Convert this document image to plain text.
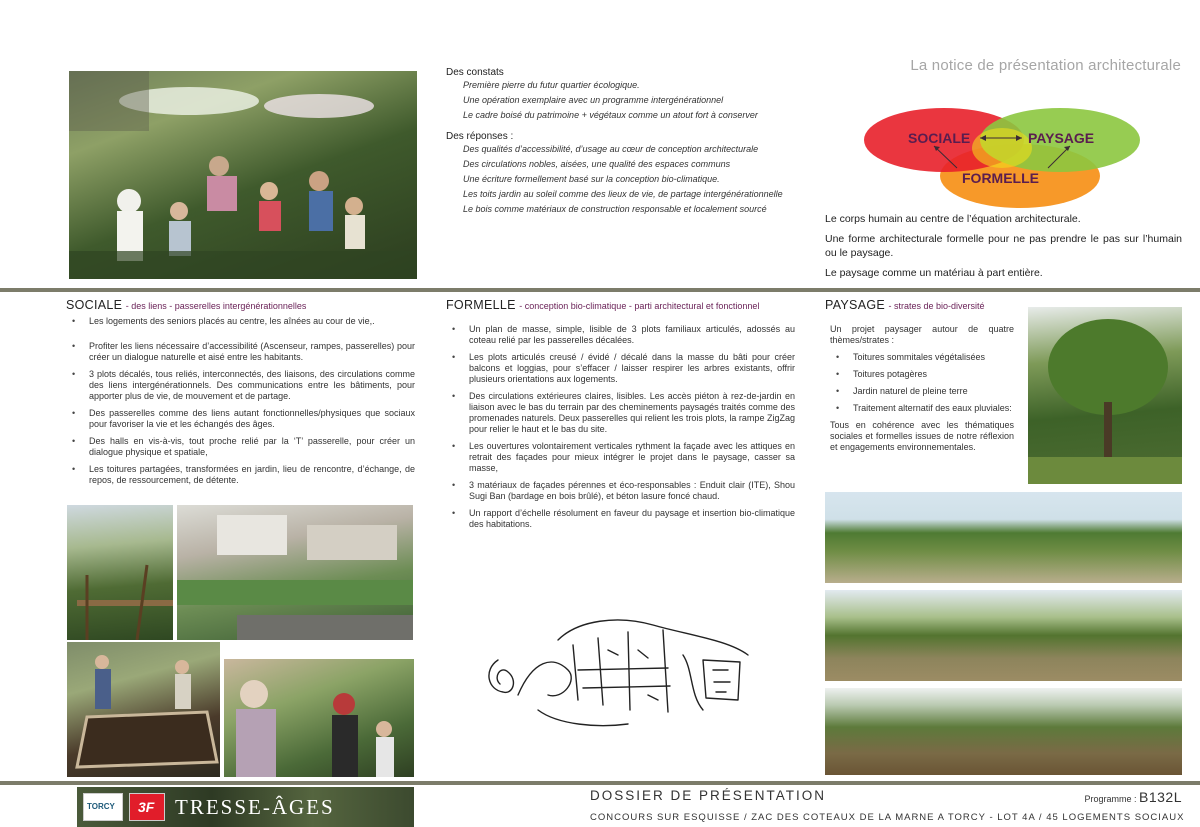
Des constats
Première pierre du futur quartier écologique.
Une opération exemplaire avec un programme intergénérationnel
Le cadre boisé du patrimoine + végétaux comme un atout fort à conserver
Des réponses :
Des qualités d’accessibilité, d’usage au cœur de conception architecturale
Des circulations nobles, aisées, une qualité des espaces communs
Une écriture formellement basé sur la conception bio-climatique.
Les toits jardin au soleil comme des lieux de vie, de partage intergénérationnelle
Le bois comme matériaux de construction responsable et localement sourcé
La notice de présentation architecturale
SOCIALE	PAYSAGE
FORMELLE
Le corps humain au centre de l’équation architecturale.
Une forme architecturale formelle pour ne pas prendre le pas sur l’humain ou le paysage.
Le paysage comme un matériau à part entière.
SOCIALE - des liens - passerelles intergénérationnelles
• Les logements des seniors placés au centre, les aînées au cour de vie,.
• Profiter les liens nécessaire d’accessibilité (Ascenseur, rampes, passerelles) pour créer un dialogue naturelle et aisé entre les habitants.
• 3 plots décalés, tous reliés, interconnectés, des liaisons, des circulations comme des liens intergénérationnels. Des communications entre les bâtiments, pour apporter plus de vie, de mouvement et de partage.
• Des passerelles comme des liens autant fonctionnelles/physiques que sociaux pour favoriser la vie et les échangés des âges.
• Des halls en vis-à-vis, tout proche relié par la ‘T’ passerelle, pour créer un dialogue physique et spatiale,
• Les toitures partagées, transformées en jardin, lieu de rencontre, d’échange, de repos, de ressourcement, de détente.
FORMELLE - conception bio-climatique - parti architectural et fonctionnel
• Un plan de masse, simple, lisible de 3 plots familiaux articulés, adossés au coteau relié par les passerelles décalées.
• Les plots articulés creusé / évidé / décalé dans la masse du bâti pour créer balcons et loggias, pour s’effacer / laisser respirer les arbres existants, offrir plusieurs orientations aux logements.
• Des circulations extérieures claires, lisibles. Les accès piéton à rez-de-jardin en liaison avec le bas du terrain par des cheminements paysagés traités comme des promenades naturels. Deux passerelles qui relient les trois plots, la rampe ZigZag pour relier le haut et le bas du site.
• Les ouvertures volontairement verticales rythment la façade avec les attiques en retrait des façades pour mieux intégrer le projet dans le paysage, casser sa masse,
• 3 matériaux de façades pérennes et éco-responsables : Enduit clair (ITE), Shou Sugi Ban (bardage en bois brûlé), et béton lasure foncé chaud.
• Un rapport d’échelle résolument en faveur du paysage et insertion bio-climatique des habitations.
PAYSAGE - strates de bio-diversité
Un projet paysager autour de quatre thèmes/strates :
• Toitures sommitales végétalisées
• Toitures potagères
• Jardin naturel de pleine terre
• Traitement alternatif des eaux pluviales:
Tous en cohérence avec les thématiques sociales et formelles issues de notre réflexion et engagements environnementales.
TORCY 3F TRESSE-ÂGES	DOSSIER DE PRÉSENTATION
CONCOURS SUR ESQUISSE / ZAC DES COTEAUX DE LA MARNE A TORCY - LOT 4A / 45 LOGEMENTS SOCIAUX
Programme : B132L
